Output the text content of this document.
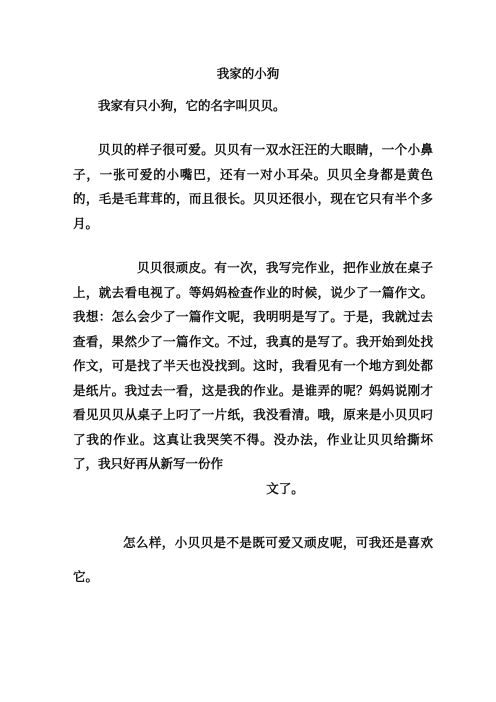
我家的小狗

我家有只小狗，它的名字叫贝贝。

贝贝的样子很可爱。贝贝有一双水汪汪的大眼睛，一个小鼻子，一张可爱的小嘴巴，还有一对小耳朵。贝贝全身都是黄色的，毛是毛茸茸的，而且很长。贝贝还很小，现在它只有半个多月。

贝贝很顽皮。有一次，我写完作业，把作业放在桌子上，就去看电视了。等妈妈检查作业的时候，说少了一篇作文。我想：怎么会少了一篇作文呢，我明明是写了。于是，我就过去查看，果然少了一篇作文。不过，我真的是写了。我开始到处找作文，可是找了半天也没找到。这时，我看见有一个地方到处都是纸片。我过去一看，这是我的作业。是谁弄的呢？妈妈说刚才看见贝贝从桌子上叼了一片纸，我没看清。哦，原来是小贝贝叼了我的作业。这真让我哭笑不得。没办法，作业让贝贝给撕坏了，我只好再从新写一份作
文了。

怎么样，小贝贝是不是既可爱又顽皮呢，可我还是喜欢它。
